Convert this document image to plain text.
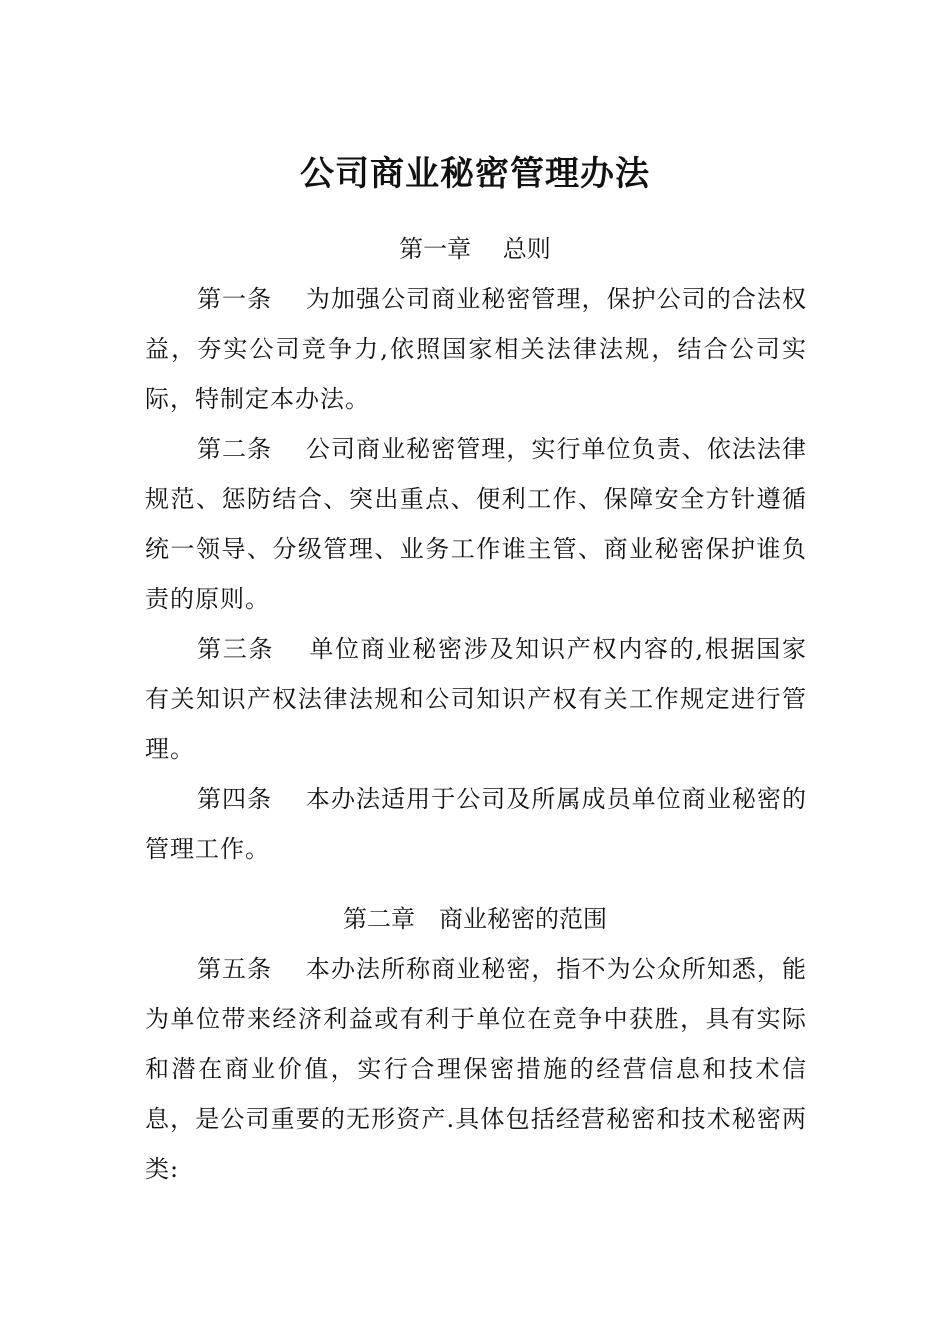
公司商业秘密管理办法
第一章　 总则

第一条　 为加强公司商业秘密管理，保护公司的合法权益，夯实公司竞争力,依照国家相关法律法规，结合公司实际，特制定本办法。

第二条　 公司商业秘密管理，实行单位负责、依法法律规范、惩防结合、突出重点、便利工作、保障安全方针遵循统一领导、分级管理、业务工作谁主管、商业秘密保护谁负责的原则。

第三条　 单位商业秘密涉及知识产权内容的,根据国家有关知识产权法律法规和公司知识产权有关工作规定进行管理。

第四条　 本办法适用于公司及所属成员单位商业秘密的管理工作。

第二章　商业秘密的范围

第五条　 本办法所称商业秘密，指不为公众所知悉，能为单位带来经济利益或有利于单位在竞争中获胜，具有实际和潜在商业价值，实行合理保密措施的经营信息和技术信息，是公司重要的无形资产.具体包括经营秘密和技术秘密两类:
